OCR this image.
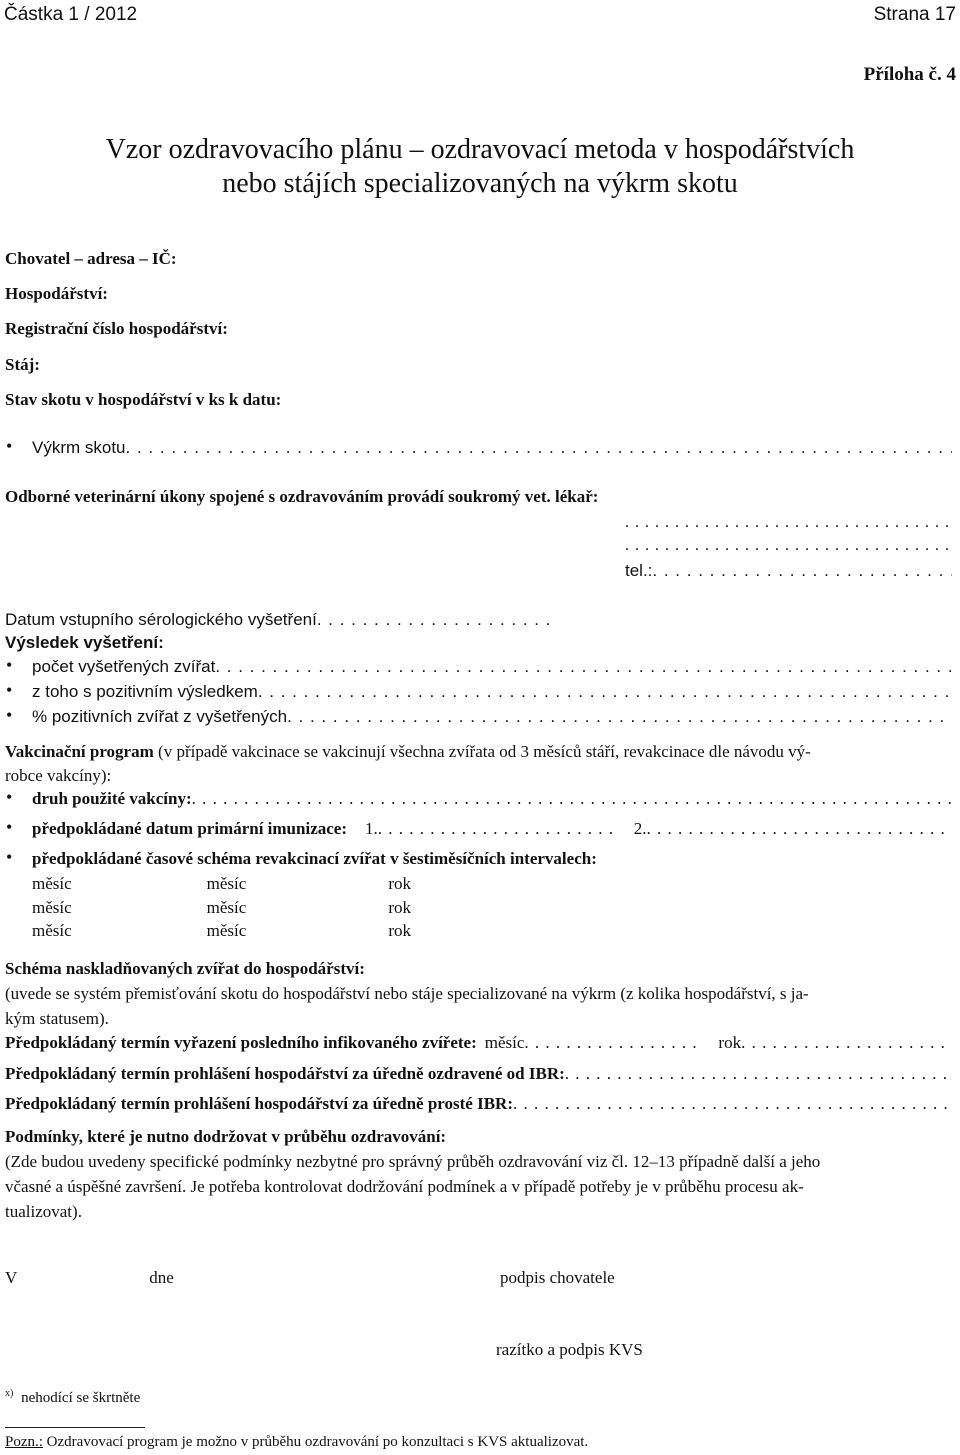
Částka 1 / 2012	Strana 17
Příloha č. 4
Vzor ozdravovacího plánu – ozdravovací metoda v hospodářstvích
nebo stájích specializovaných na výkrm skotu
Chovatel – adresa – IČ:
Hospodářství:
Registrační číslo hospodářství:
Stáj:
Stav skotu v hospodářství v ks k datu:
• Výkrm skotu
. . .
Odborné veterinární úkony spojené s ozdravováním provádí soukromý vet. lékař:
. . .
. . .
tel.:
. . .
Datum vstupního sérologického vyšetření
. . .
Výsledek vyšetření:
• počet vyšetřených zvířat
. . .
• z toho s pozitivním výsledkem
. . .
• % pozitivních zvířat z vyšetřených
. . .
Vakcinační program (v případě vakcinace se vakcinují všechna zvířata od 3 měsíců stáří, revakcinace dle návodu vý-
robce vakcíny):
• druh použité vakcíny:
. . .
• předpokládané datum primární imunizace: 1. . . .	2.
. . .
• předpokládané časové schéma revakcinací zvířat v šestiměsíčních intervalech:
měsíc	měsíc	rok
měsíc	měsíc	rok
měsíc	měsíc	rok
Schéma naskladňovaných zvířat do hospodářství:
(uvede se systém přemisťování skotu do hospodářství nebo stáje specializované na výkrm (z kolika hospodářství, s ja-
kým statusem).
Předpokládaný termín vyřazení posledního infikovaného zvířete: měsíc . . .	rok
. . .
Předpokládaný termín prohlášení hospodářství za úředně ozdravené od IBR:
. . .
Předpokládaný termín prohlášení hospodářství za úředně prosté IBR:
. . .
Podmínky, které je nutno dodržovat v průběhu ozdravování:
(Zde budou uvedeny specifické podmínky nezbytné pro správný průběh ozdravování viz čl. 12–13 případně další a jeho
včasné a úspěšné završení. Je potřeba kontrolovat dodržování podmínek a v případě potřeby je v průběhu procesu ak-
tualizovat).
V	dne	podpis chovatele
razítko a podpis KVS
$^{x)}$ nehodící se škrtněte
Pozn.: Ozdravovací program je možno v průběhu ozdravování po konzultaci s KVS aktualizovat.
